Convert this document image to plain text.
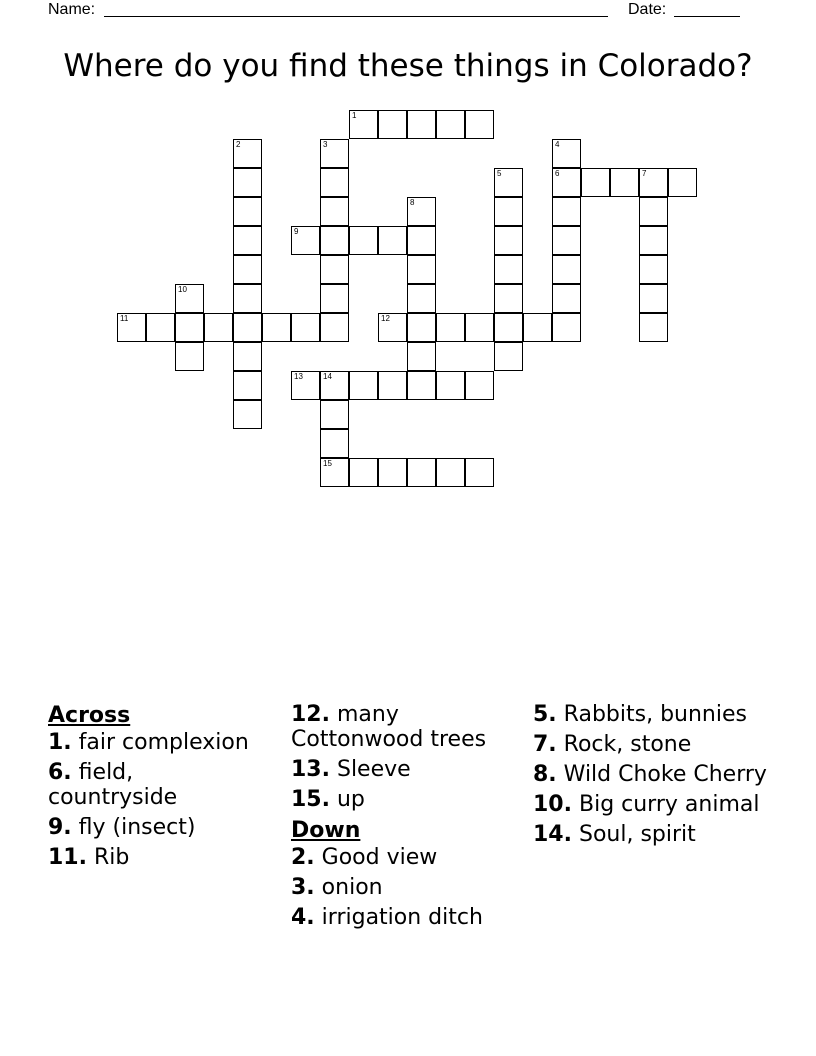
Name:	Date:
Where do you find these things in Colorado?
1
2	3	4
6
5	7
8
9
10
11	12
13	14
15

Across

1. fair complexion

6. field, countryside

9. fly (insect)

11. Rib

12. many Cottonwood trees

13. Sleeve

15. up

Down

2. Good view

3. onion

4. irrigation ditch

5. Rabbits, bunnies

7. Rock, stone

8. Wild Choke Cherry

10. Big curry animal

14. Soul, spirit
